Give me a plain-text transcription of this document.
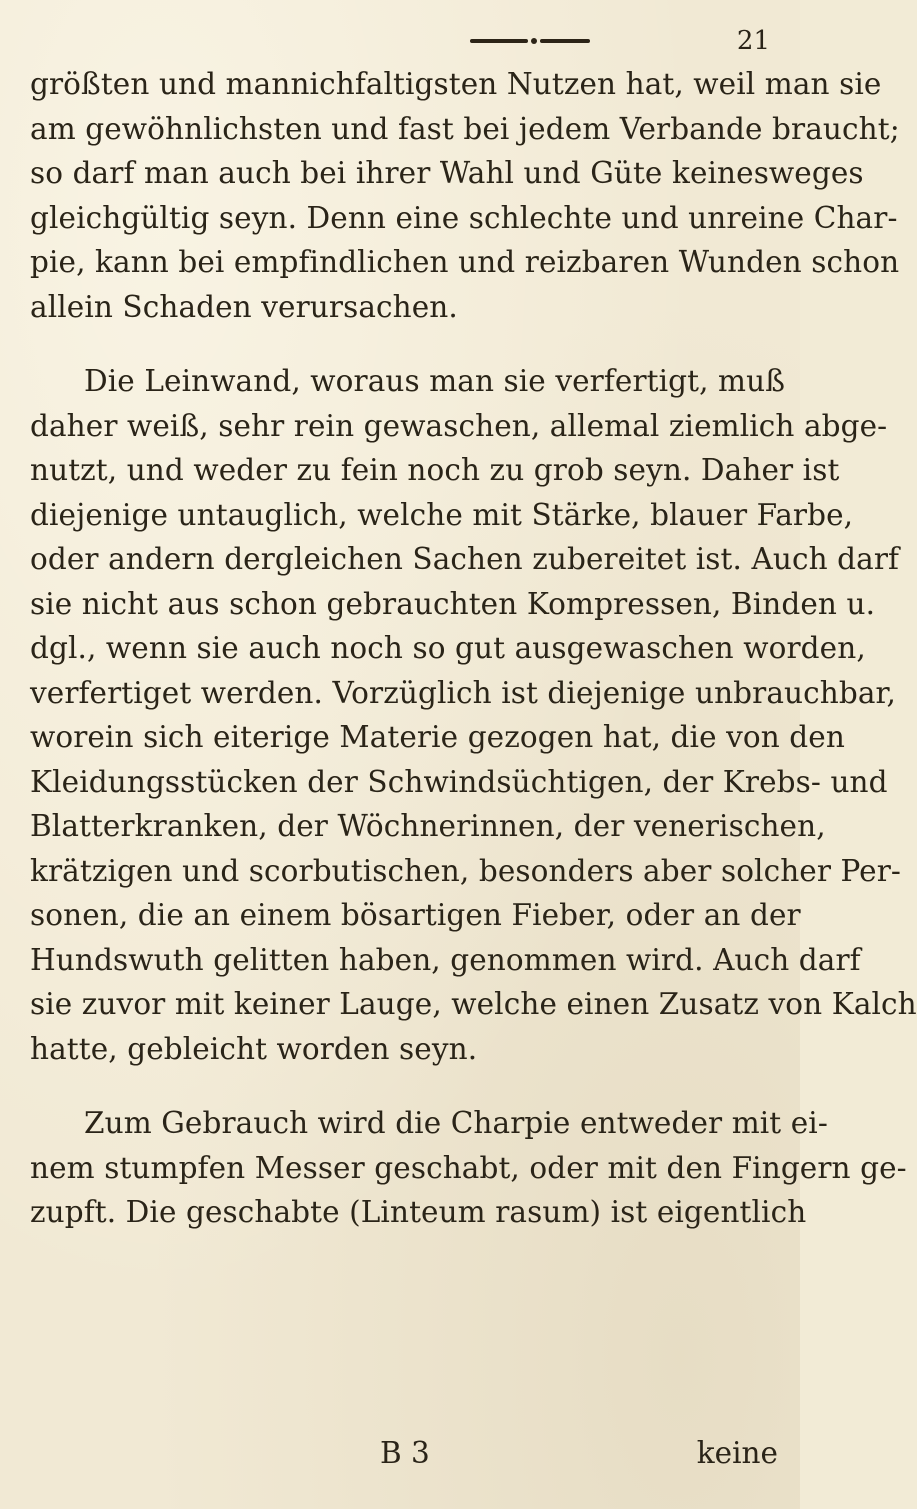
21
größten und mannichfaltigsten Nutzen hat, weil man sie
am gewöhnlichsten und fast bei jedem Verbande braucht;
so darf man auch bei ihrer Wahl und Güte keinesweges
gleichgültig seyn. Denn eine schlechte und unreine Char-
pie, kann bei empfindlichen und reizbaren Wunden schon
allein Schaden verursachen.
Die Leinwand, woraus man sie verfertigt, muß
daher weiß, sehr rein gewaschen, allemal ziemlich abge-
nutzt, und weder zu fein noch zu grob seyn. Daher ist
diejenige untauglich, welche mit Stärke, blauer Farbe,
oder andern dergleichen Sachen zubereitet ist. Auch darf
sie nicht aus schon gebrauchten Kompressen, Binden u.
dgl., wenn sie auch noch so gut ausgewaschen worden,
verfertiget werden. Vorzüglich ist diejenige unbrauchbar,
worein sich eiterige Materie gezogen hat, die von den
Kleidungsstücken der Schwindsüchtigen, der Krebs- und
Blatterkranken, der Wöchnerinnen, der venerischen,
krätzigen und scorbutischen, besonders aber solcher Per-
sonen, die an einem bösartigen Fieber, oder an der
Hundswuth gelitten haben, genommen wird. Auch darf
sie zuvor mit keiner Lauge, welche einen Zusatz von Kalch
hatte, gebleicht worden seyn.
Zum Gebrauch wird die Charpie entweder mit ei-
nem stumpfen Messer geschabt, oder mit den Fingern ge-
zupft. Die geschabte (Linteum rasum) ist eigentlich
B 3	keine
